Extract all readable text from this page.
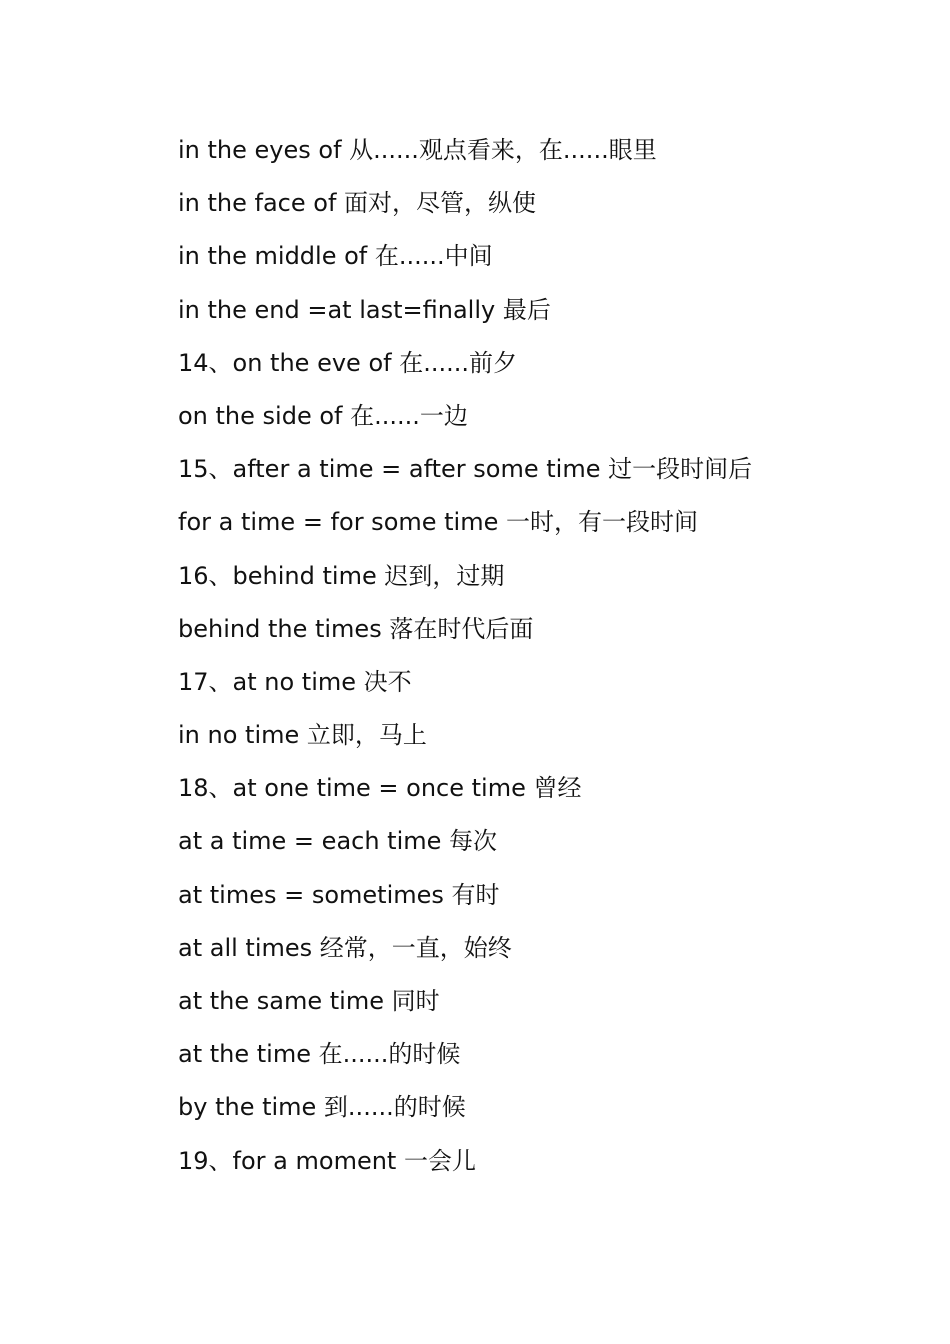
in the eyes of 从......观点看来，在......眼里
in the face of 面对，尽管，纵使
in the middle of 在......中间
in the end =at last=finally 最后
14、on the eve of 在......前夕
on the side of 在......一边
15、after a time = after some time 过一段时间后
for a time = for some time 一时，有一段时间
16、behind time 迟到，过期
behind the times 落在时代后面
17、at no time 决不
in no time 立即，马上
18、at one time = once time 曾经
at a time = each time 每次
at times = sometimes 有时
at all times 经常，一直，始终
at the same time 同时
at the time 在......的时候
by the time 到......的时候
19、for a moment 一会儿
